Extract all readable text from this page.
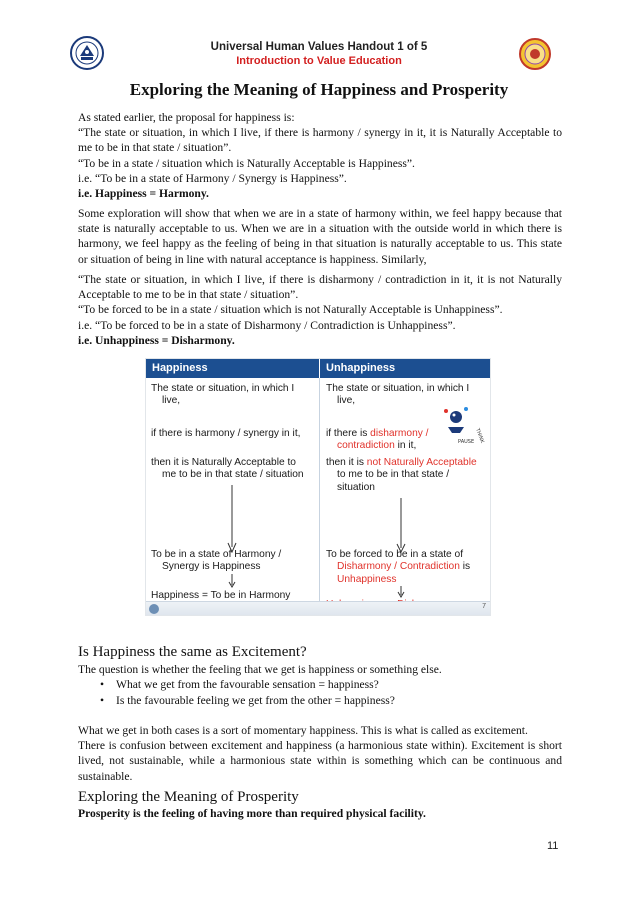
Universal Human Values Handout 1 of 5
Introduction to Value Education
Exploring the Meaning of Happiness and Prosperity

As stated earlier, the proposal for happiness is:

“The state or situation, in which I live, if there is harmony / synergy in it, it is Naturally Acceptable to me to be in that state / situation”.

“To be in a state / situation which is Naturally Acceptable is Happiness”.

i.e. “To be in a state of Harmony / Synergy is Happiness”.

i.e. Happiness = Harmony.

Some exploration will show that when we are in a state of harmony within, we feel happy because that state is naturally acceptable to us. When we are in a situation with the outside world in which there is harmony, we feel happy as the feeling of being in that situation is naturally acceptable to us. This state or situation of being in line with natural acceptance is happiness. Similarly,

“The state or situation, in which I live, if there is disharmony / contradiction in it, it is not Naturally Acceptable to me to be in that state / situation”.

“To be forced to be in a state / situation which is not Naturally Acceptable is Unhappiness”.

i.e. “To be forced to be in a state of Disharmony / Contradiction is Unhappiness”.

i.e. Unhappiness = Disharmony.

Happiness	Unhappiness
The state or situation, in which I
live,
if there is harmony / synergy in it,
then it is Naturally Acceptable to
me to be in that state / situation
To be in a state of Harmony /
Synergy is Happiness
Happiness = To be in Harmony
The state or situation, in which I
live,
PAUSE THINK
if there is disharmony /
contradiction in it,
then it is not Naturally Acceptable
to me to be in that state /
situation
To be forced to be in a state of
Disharmony / Contradiction is
Unhappiness
7
Is Happiness the same as Excitement?

The question is whether the feeling that we get is happiness or something else.

• What we get from the favourable sensation = happiness?
• Is the favourable feeling we get from the other = happiness?

What we get in both cases is a sort of momentary happiness. This is what is called as excitement.

There is confusion between excitement and happiness (a harmonious state within). Excitement is short lived, not sustainable, while a harmonious state within is something which can be continuous and sustainable.

Exploring the Meaning of Prosperity

Prosperity is the feeling of having more than required physical facility.

11
